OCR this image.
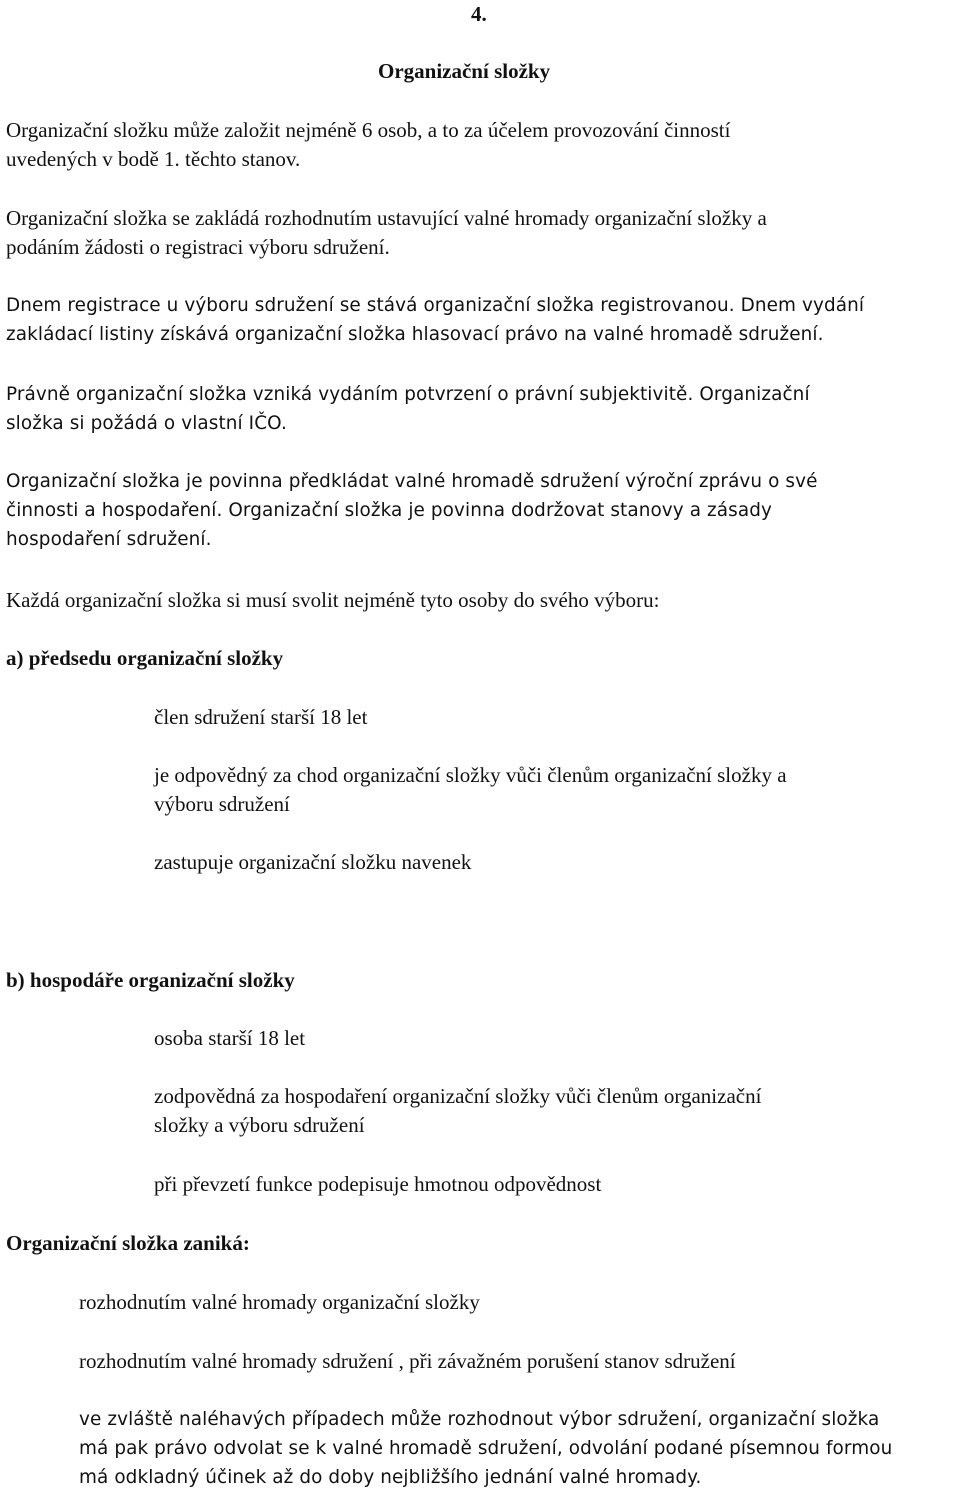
4.
Organizační složky
Organizační složku může založit nejméně 6 osob, a to za účelem provozování činností
uvedených v bodě 1. těchto stanov.
Organizační složka se zakládá rozhodnutím ustavující valné hromady organizační složky a
podáním žádosti o registraci výboru sdružení.
Dnem registrace u výboru sdružení se stává organizační složka registrovanou. Dnem vydání
zakládací listiny získává organizační složka hlasovací právo na valné hromadě sdružení.
Právně organizační složka vzniká vydáním potvrzení o právní subjektivitě. Organizační
složka si požádá o vlastní IČO.
Organizační složka je povinna předkládat valné hromadě sdružení výroční zprávu o své
činnosti a hospodaření. Organizační složka je povinna dodržovat stanovy a zásady
hospodaření sdružení.
Každá organizační složka si musí svolit nejméně tyto osoby do svého výboru:
a) předsedu organizační složky
člen sdružení starší 18 let
je odpovědný za chod organizační složky vůči členům organizační složky a
výboru sdružení
zastupuje organizační složku navenek
b) hospodáře organizační složky
osoba starší 18 let
zodpovědná za hospodaření organizační složky vůči členům organizační
složky a výboru sdružení
při převzetí funkce podepisuje hmotnou odpovědnost
Organizační složka zaniká:
rozhodnutím valné hromady organizační složky
rozhodnutím valné hromady sdružení , při závažném porušení stanov sdružení
ve zvláště naléhavých případech může rozhodnout výbor sdružení, organizační složka
má pak právo odvolat se k valné hromadě sdružení, odvolání podané písemnou formou
má odkladný účinek až do doby nejbližšího jednání valné hromady.
